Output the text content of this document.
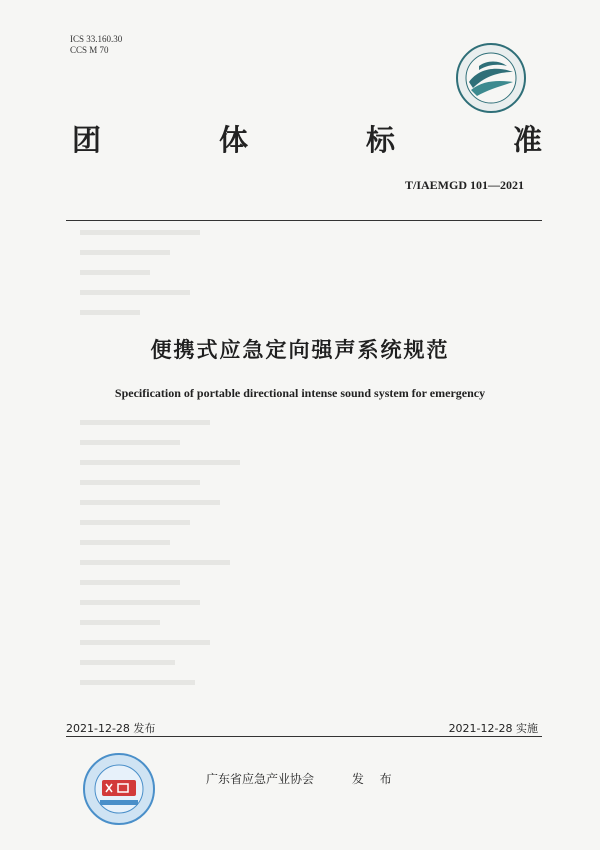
ICS 33.160.30
CCS M 70
团	体	标	准
T/IAEMGD 101—2021
便携式应急定向强声系统规范
Specification of portable directional intense sound system for emergency
2021-12-28 发布	2021-12-28 实施
广东省应急产业协会	发 布
